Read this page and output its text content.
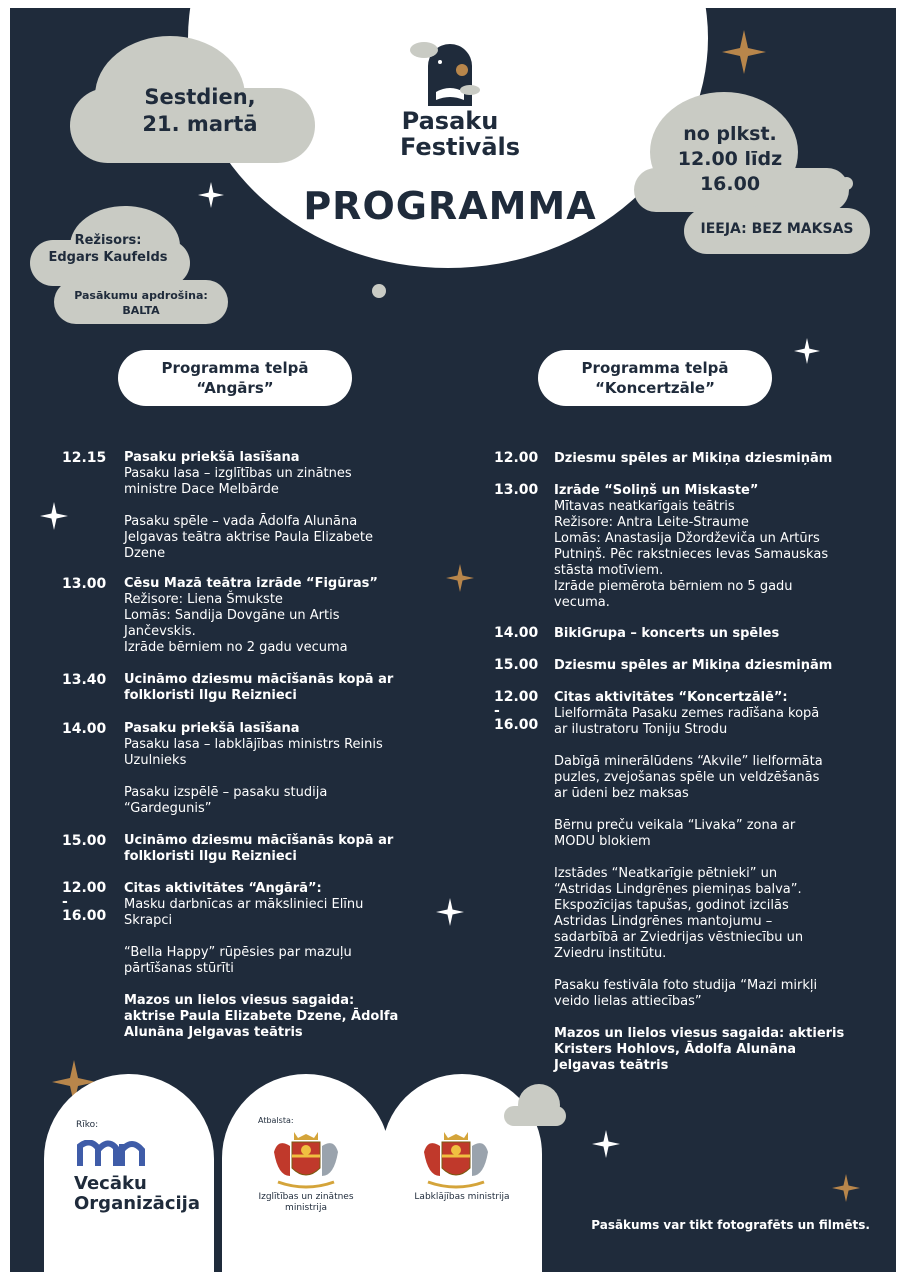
Pasaku
Festivāls
PROGRAMMA
Sestdien,
21. martā	no plkst.
12.00 līdz
16.00
IEEJA: BEZ MAKSAS
Režisors:
Edgars Kaufelds
Pasākumu apdrošina:
BALTA
Programma telpā
“Angārs”
Programma telpā
“Koncertzāle”
12.15 Pasaku priekšā lasīšana

Pasaku lasa – izglītības un zinātnes

ministre Dace Melbārde

Pasaku spēle – vada Ādolfa Alunāna

Jelgavas teātra aktrise Paula Elizabete

Dzene

13.00 Cēsu Mazā teātra izrāde “Figūras”

Režisore: Liena Šmukste

Lomās: Sandija Dovgāne un Artis

Jančevskis.

Izrāde bērniem no 2 gadu vecuma

13.40 Ucināmo dziesmu mācīšanās kopā ar
folkloristi Ilgu Reiznieci
14.00 Pasaku priekšā lasīšana

Pasaku lasa – labklājības ministrs Reinis

Uzulnieks

Pasaku izspēlē – pasaku studija

“Gardegunis”

15.00 Ucināmo dziesmu mācīšanās kopā ar
folkloristi Ilgu Reiznieci
12.00
-
16.00
Citas aktivitātes “Angārā”:

Masku darbnīcas ar mākslinieci Elīnu

Skrapci

“Bella Happy” rūpēsies par mazuļu

pārtīšanas stūrīti

Mazos un lielos viesus sagaida:
aktrise Paula Elizabete Dzene, Ādolfa
Alunāna Jelgavas teātris
12.00 Dziesmu spēles ar Mikiņa dziesmiņām
13.00 Izrāde “Soliņš un Miskaste”

Mītavas neatkarīgais teātris

Režisore: Antra Leite-Straume

Lomās: Anastasija Džordževiča un Artūrs

Putniņš. Pēc rakstnieces Ievas Samauskas

stāsta motīviem.

Izrāde piemērota bērniem no 5 gadu

vecuma.

14.00 BikiGrupa – koncerts un spēles
15.00 Dziesmu spēles ar Mikiņa dziesmiņām
12.00
-
16.00
Citas aktivitātes “Koncertzālē”:

Lielformāta Pasaku zemes radīšana kopā

ar ilustratoru Toniju Strodu

Dabīgā minerālūdens “Akvile” lielformāta

puzles, zvejošanas spēle un veldzēšanās

ar ūdeni bez maksas

Bērnu preču veikala “Livaka” zona ar

MODU blokiem

Izstādes “Neatkarīgie pētnieki” un

“Astridas Lindgrēnes piemiņas balva”.

Ekspozīcijas tapušas, godinot izcilās

Astridas Lindgrēnes mantojumu –

sadarbībā ar Zviedrijas vēstniecību un

Zviedru institūtu.

Pasaku festivāla foto studija “Mazi mirkļi

veido lielas attiecības”

Mazos un lielos viesus sagaida: aktieris
Kristers Hohlovs, Ādolfa Alunāna
Jelgavas teātris
Rīko:
Vecāku
Organizācija
Atbalsta:
Izglītības un zinātnes
ministrija
Labklājības ministrija
Pasākums var tikt fotografēts un filmēts.
